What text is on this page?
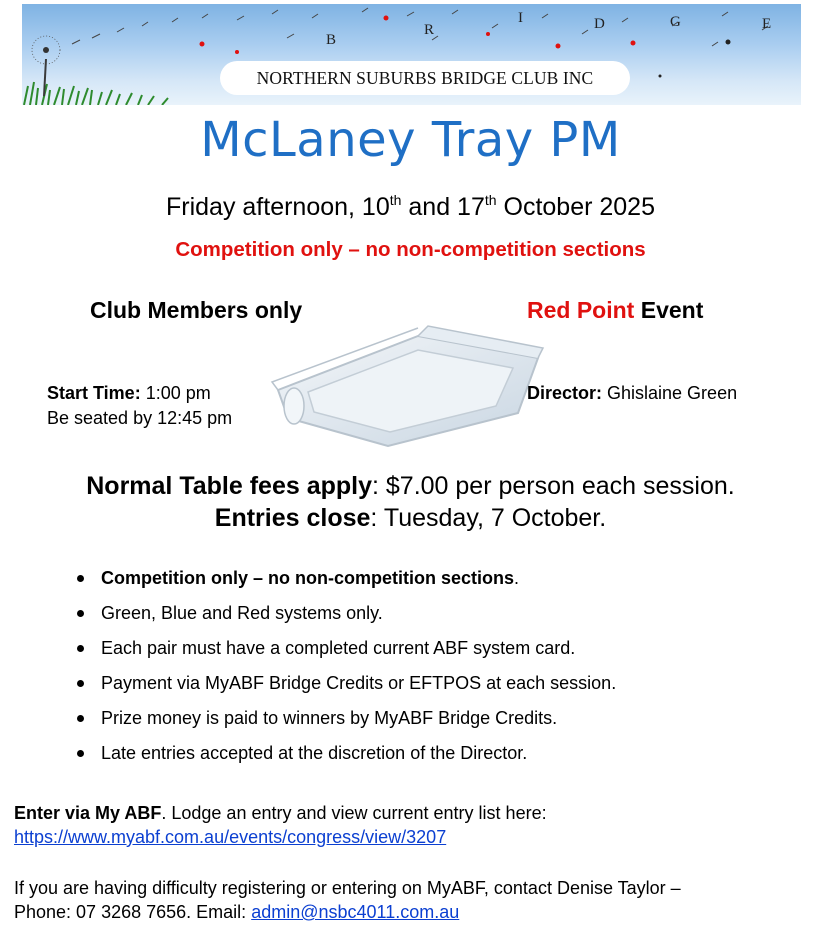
B
R
I	D	G	E
NORTHERN SUBURBS BRIDGE CLUB INC
McLaney Tray PM
Friday afternoon, 10th and 17th October 2025
Competition only – no non-competition sections
Club Members only	Red Point Event
Start Time: 1:00 pm
Be seated by 12:45 pm
Director: Ghislaine Green
Normal Table fees apply: $7.00 per person each session.
Entries close: Tuesday, 7 October.
Competition only – no non-competition sections.
Green, Blue and Red systems only.
Each pair must have a completed current ABF system card.
Payment via MyABF Bridge Credits or EFTPOS at each session.
Prize money is paid to winners by MyABF Bridge Credits.
Late entries accepted at the discretion of the Director.
Enter via My ABF. Lodge an entry and view current entry list here:
https://www.myabf.com.au/events/congress/view/3207
If you are having difficulty registering or entering on MyABF, contact Denise Taylor –
Phone: 07 3268 7656. Email: admin@nsbc4011.com.au
